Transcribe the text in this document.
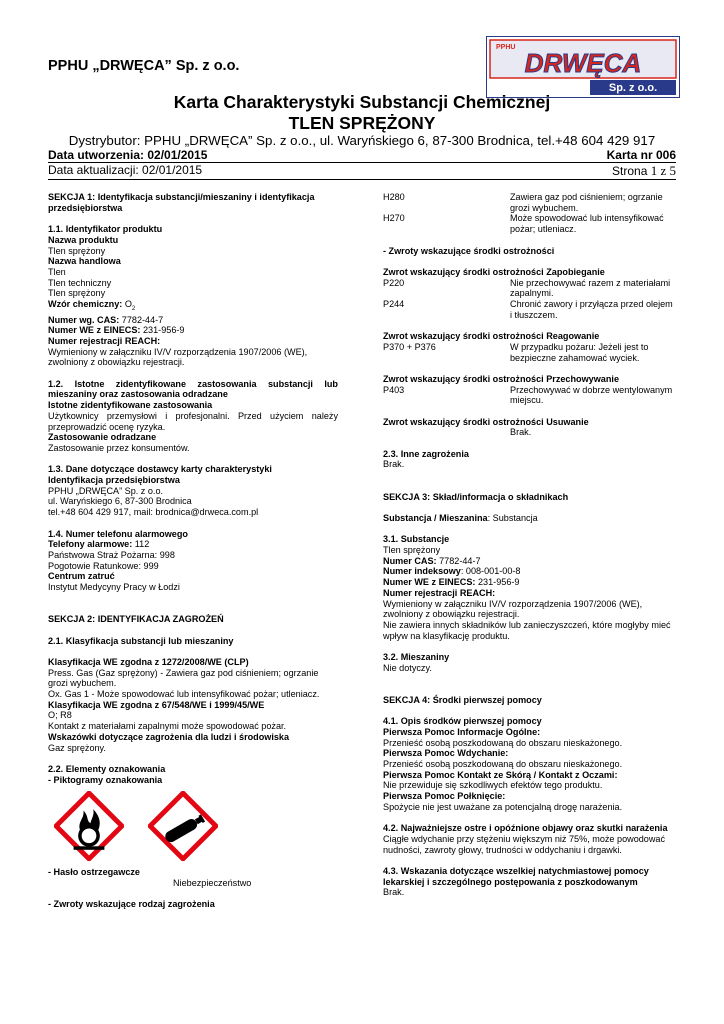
PPHU „DRWĘCA” Sp. z o.o.
PPHU
DRWĘCA
Sp. z o.o.
Karta Charakterystyki Substancji Chemicznej
TLEN SPRĘŻONY
Dystrybutor: PPHU „DRWĘCA” Sp. z o.o., ul. Waryńskiego 6, 87-300 Brodnica, tel.+48 604 429 917
Data utworzenia: 02/01/2015	Karta nr 006
Data aktualizacji: 02/01/2015	Strona 1 z 5

SEKCJA 1: Identyfikacja substancji/mieszaniny i identyfikacja przedsiębiorstwa

1.1. Identyfikator produktu

Nazwa produktu

Tlen sprężony

Nazwa handlowa

Tlen

Tlen techniczny

Tlen sprężony

Wzór chemiczny: $O_2$

Numer wg. CAS: 7782-44-7

Numer WE z EINECS: 231-956-9

Numer rejestracji REACH:

Wymieniony w załączniku IV/V rozporządzenia 1907/2006 (WE), zwolniony z obowiązku rejestracji.

1.2. Istotne zidentyfikowane zastosowania substancji lub mieszaniny oraz zastosowania odradzane

Istotne zidentyfikowane zastosowania

Użytkownicy przemysłowi i profesjonalni. Przed użyciem należy przeprowadzić ocenę ryzyka.

Zastosowanie odradzane

Zastosowanie przez konsumentów.

1.3. Dane dotyczące dostawcy karty charakterystyki

Identyfikacja przedsiębiorstwa

PPHU „DRWĘCA” Sp. z o.o.

ul. Waryńskiego 6, 87-300 Brodnica

tel.+48 604 429 917, mail: brodnica@drweca.com.pl

1.4. Numer telefonu alarmowego

Telefony alarmowe: 112

Państwowa Straż Pożarna: 998

Pogotowie Ratunkowe: 999

Centrum zatruć

Instytut Medycyny Pracy w Łodzi

SEKCJA 2: IDENTYFIKACJA ZAGROŻEŃ

2.1. Klasyfikacja substancji lub mieszaniny

Klasyfikacja WE zgodna z 1272/2008/WE (CLP)

Press. Gas (Gaz sprężony) - Zawiera gaz pod ciśnieniem; ogrzanie grozi wybuchem.

Ox. Gas 1 - Może spowodować lub intensyfikować pożar; utleniacz.

Klasyfikacja WE zgodna z 67/548/WE i 1999/45/WE

O; R8

Kontakt z materiałami zapalnymi może spowodować pożar.

Wskazówki dotyczące zagrożenia dla ludzi i środowiska

Gaz sprężony.

2.2. Elementy oznakowania

- Piktogramy oznakowania

- Hasło ostrzegawcze

Niebezpieczeństwo

- Zwroty wskazujące rodzaj zagrożenia

H280	Zawiera gaz pod ciśnieniem; ogrzanie grozi wybuchem.
H270	Może spowodować lub intensyfikować pożar; utleniacz.

- Zwroty wskazujące środki ostrożności

Zwrot wskazujący środki ostrożności Zapobieganie

P220	Nie przechowywać razem z materiałami zapalnymi.
P244	Chronić zawory i przyłącza przed olejem i tłuszczem.

Zwrot wskazujący środki ostrożności Reagowanie

P370 + P376	W przypadku pożaru: Jeżeli jest to bezpieczne zahamować wyciek.

Zwrot wskazujący środki ostrożności Przechowywanie

P403	Przechowywać w dobrze wentylowanym miejscu.

Zwrot wskazujący środki ostrożności Usuwanie

Brak.

2.3. Inne zagrożenia

Brak.

SEKCJA 3: Skład/informacja o składnikach

Substancja / Mieszanina: Substancja

3.1. Substancje

Tlen sprężony

Numer CAS: 7782-44-7

Numer indeksowy: 008-001-00-8

Numer WE z EINECS: 231-956-9

Numer rejestracji REACH:

Wymieniony w załączniku IV/V rozporządzenia 1907/2006 (WE), zwolniony z obowiązku rejestracji.

Nie zawiera innych składników lub zanieczyszczeń, które mogłyby mieć wpływ na klasyfikację produktu.

3.2. Mieszaniny

Nie dotyczy.

SEKCJA 4: Środki pierwszej pomocy

4.1. Opis środków pierwszej pomocy

Pierwsza Pomoc Informacje Ogólne:

Przenieść osobą poszkodowaną do obszaru nieskażonego.

Pierwsza Pomoc Wdychanie:

Przenieść osobą poszkodowaną do obszaru nieskażonego.

Pierwsza Pomoc Kontakt ze Skórą / Kontakt z Oczami:

Nie przewiduje się szkodliwych efektów tego produktu.

Pierwsza Pomoc Połknięcie:

Spożycie nie jest uważane za potencjalną drogę narażenia.

4.2. Najważniejsze ostre i opóźnione objawy oraz skutki narażenia

Ciągłe wdychanie przy stężeniu większym niż 75%, może powodować nudności, zawroty głowy, trudności w oddychaniu i drgawki.

4.3. Wskazania dotyczące wszelkiej natychmiastowej pomocy lekarskiej i szczególnego postępowania z poszkodowanym

Brak.
